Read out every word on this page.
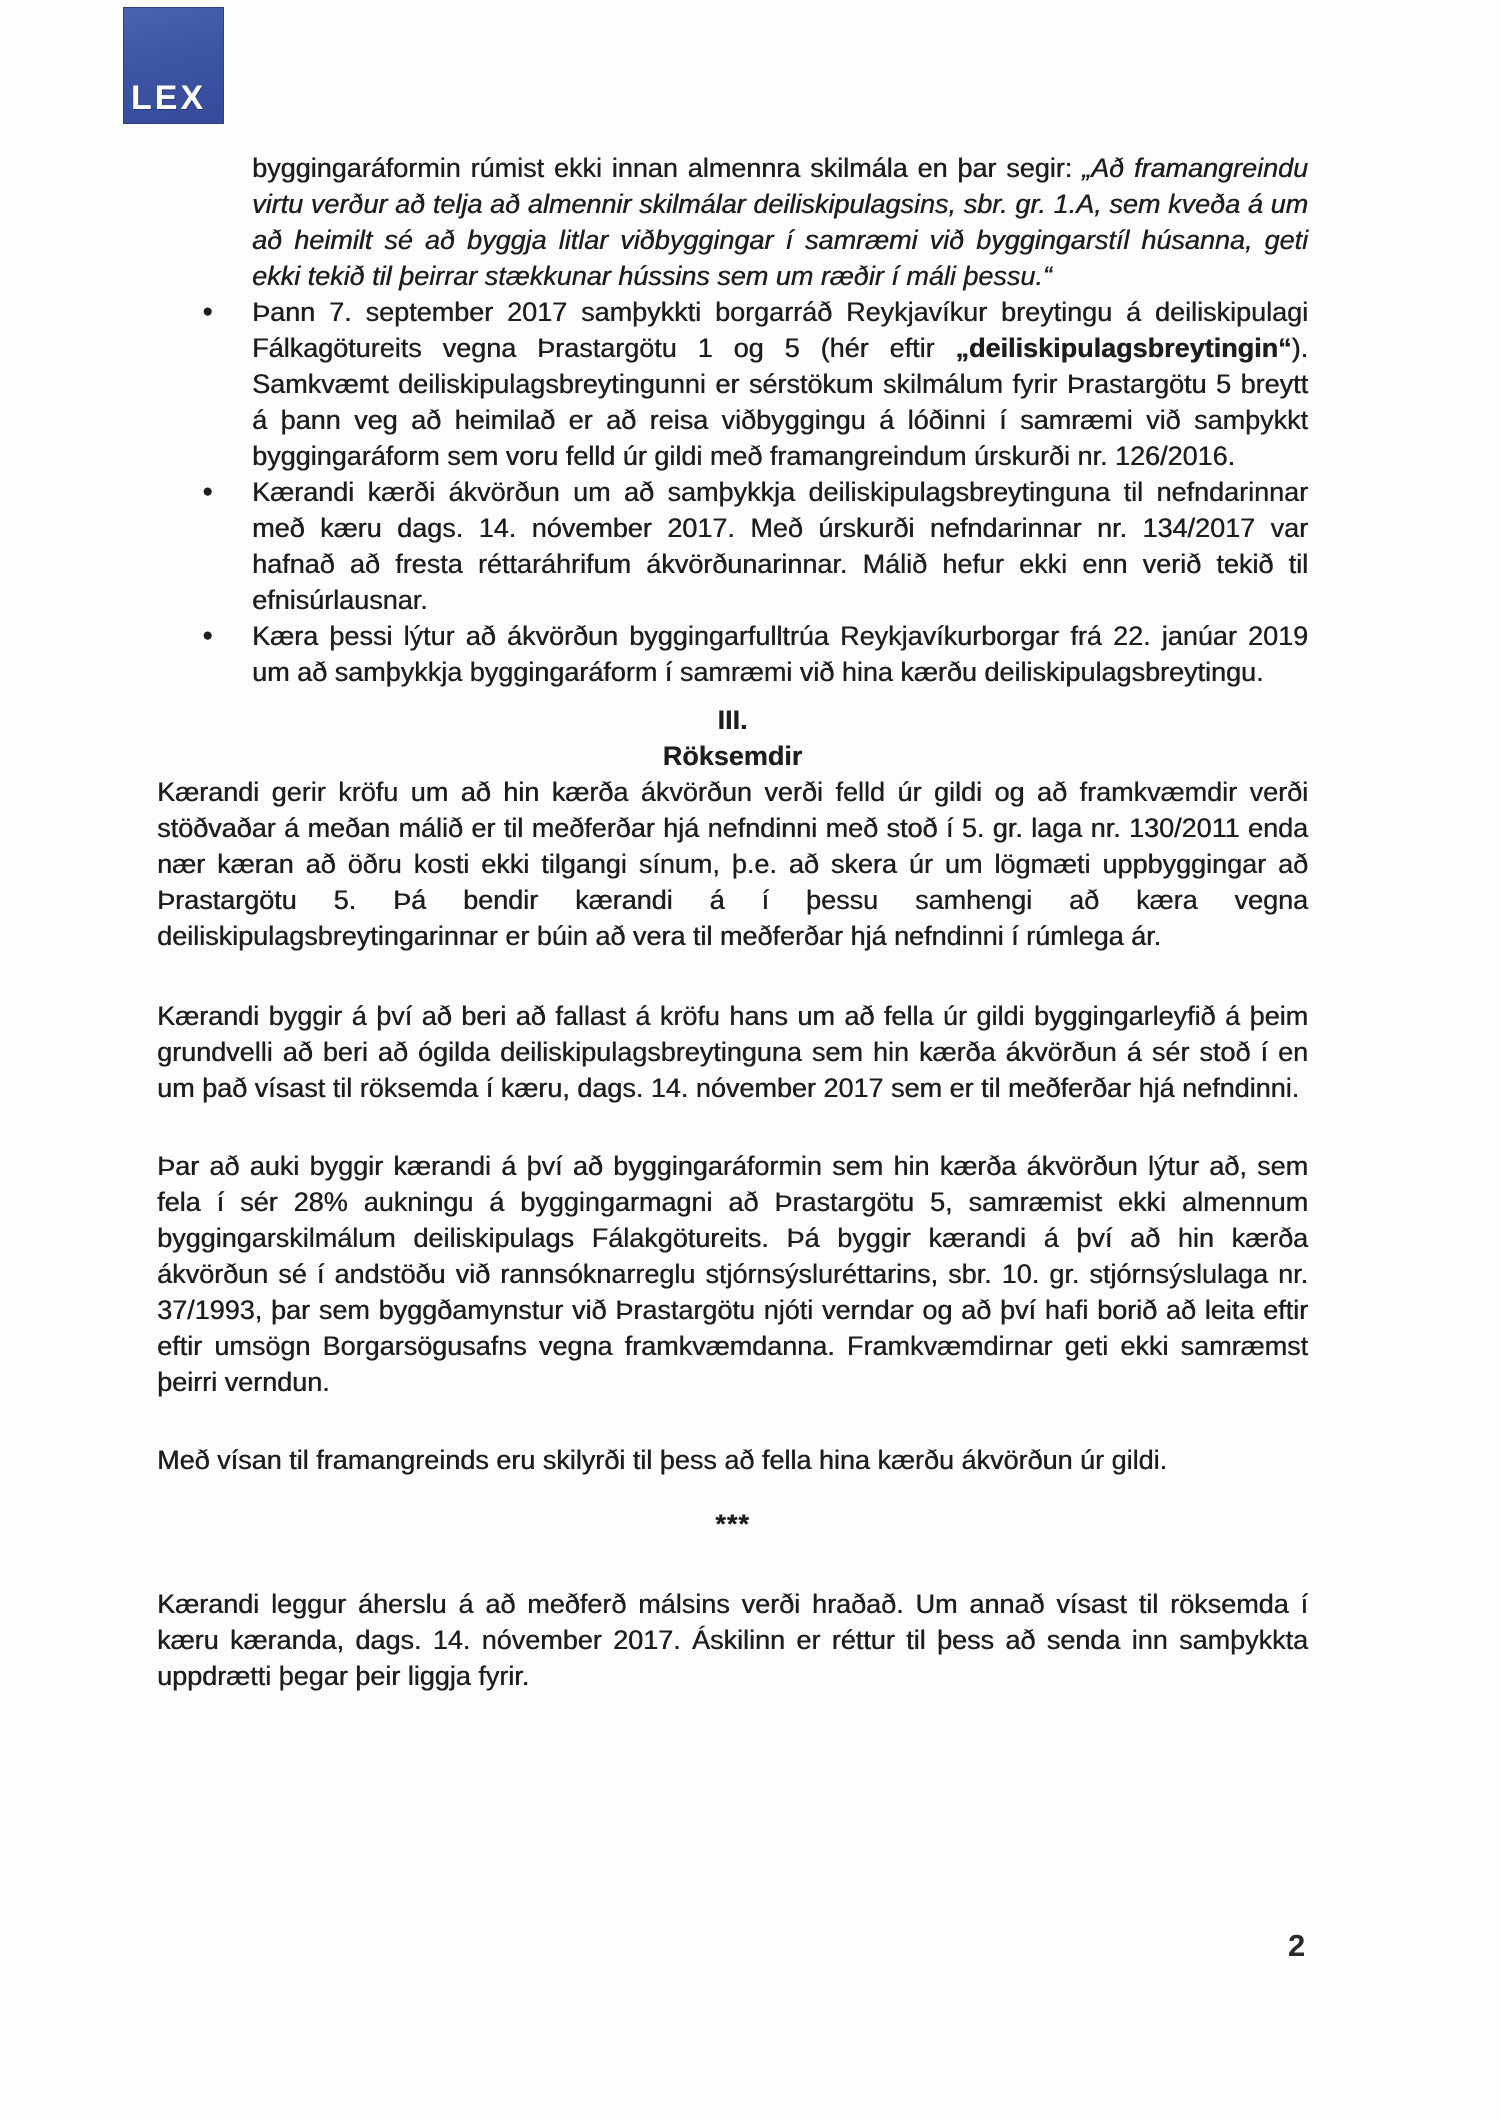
LEX

byggingaráformin rúmist ekki innan almennra skilmála en þar segir: „Að framangreindu virtu verður að telja að almennir skilmálar deiliskipulagsins, sbr. gr. 1.A, sem kveða á um að heimilt sé að byggja litlar viðbyggingar í samræmi við byggingarstíl húsanna, geti ekki tekið til þeirrar stækkunar hússins sem um ræðir í máli þessu.“

● Þann 7. september 2017 samþykkti borgarráð Reykjavíkur breytingu á deiliskipulagi Fálkagötureits vegna Þrastargötu 1 og 5 (hér eftir „deiliskipulagsbreytingin“). Samkvæmt deiliskipulagsbreytingunni er sérstökum skilmálum fyrir Þrastargötu 5 breytt á þann veg að heimilað er að reisa viðbyggingu á lóðinni í samræmi við samþykkt byggingaráform sem voru felld úr gildi með framangreindum úrskurði nr. 126/2016.
● Kærandi kærði ákvörðun um að samþykkja deiliskipulagsbreytinguna til nefndarinnar með kæru dags. 14. nóvember 2017. Með úrskurði nefndarinnar nr. 134/2017 var hafnað að fresta réttaráhrifum ákvörðunarinnar. Málið hefur ekki enn verið tekið til efnisúrlausnar.
● Kæra þessi lýtur að ákvörðun byggingarfulltrúa Reykjavíkurborgar frá 22. janúar 2019 um að samþykkja byggingaráform í samræmi við hina kærðu deiliskipulagsbreytingu.
III.
Röksemdir

Kærandi gerir kröfu um að hin kærða ákvörðun verði felld úr gildi og að framkvæmdir verði stöðvaðar á meðan málið er til meðferðar hjá nefndinni með stoð í 5. gr. laga nr. 130/2011 enda nær kæran að öðru kosti ekki tilgangi sínum, þ.e. að skera úr um lögmæti uppbyggingar að Þrastargötu 5. Þá bendir kærandi á í þessu samhengi að kæra vegna deiliskipulagsbreytingarinnar er búin að vera til meðferðar hjá nefndinni í rúmlega ár.

Kærandi byggir á því að beri að fallast á kröfu hans um að fella úr gildi byggingarleyfið á þeim grundvelli að beri að ógilda deiliskipulagsbreytinguna sem hin kærða ákvörðun á sér stoð í en um það vísast til röksemda í kæru, dags. 14. nóvember 2017 sem er til meðferðar hjá nefndinni.

Þar að auki byggir kærandi á því að byggingaráformin sem hin kærða ákvörðun lýtur að, sem fela í sér 28% aukningu á byggingarmagni að Þrastargötu 5, samræmist ekki almennum byggingarskilmálum deiliskipulags Fálakgötureits. Þá byggir kærandi á því að hin kærða ákvörðun sé í andstöðu við rannsóknarreglu stjórnsýsluréttarins, sbr. 10. gr. stjórnsýslulaga nr. 37/1993, þar sem byggðamynstur við Þrastargötu njóti verndar og að því hafi borið að leita eftir eftir umsögn Borgarsögusafns vegna framkvæmdanna. Framkvæmdirnar geti ekki samræmst þeirri verndun.

Með vísan til framangreinds eru skilyrði til þess að fella hina kærðu ákvörðun úr gildi.

***

Kærandi leggur áherslu á að meðferð málsins verði hraðað. Um annað vísast til röksemda í kæru kæranda, dags. 14. nóvember 2017. Áskilinn er réttur til þess að senda inn samþykkta uppdrætti þegar þeir liggja fyrir.

2
